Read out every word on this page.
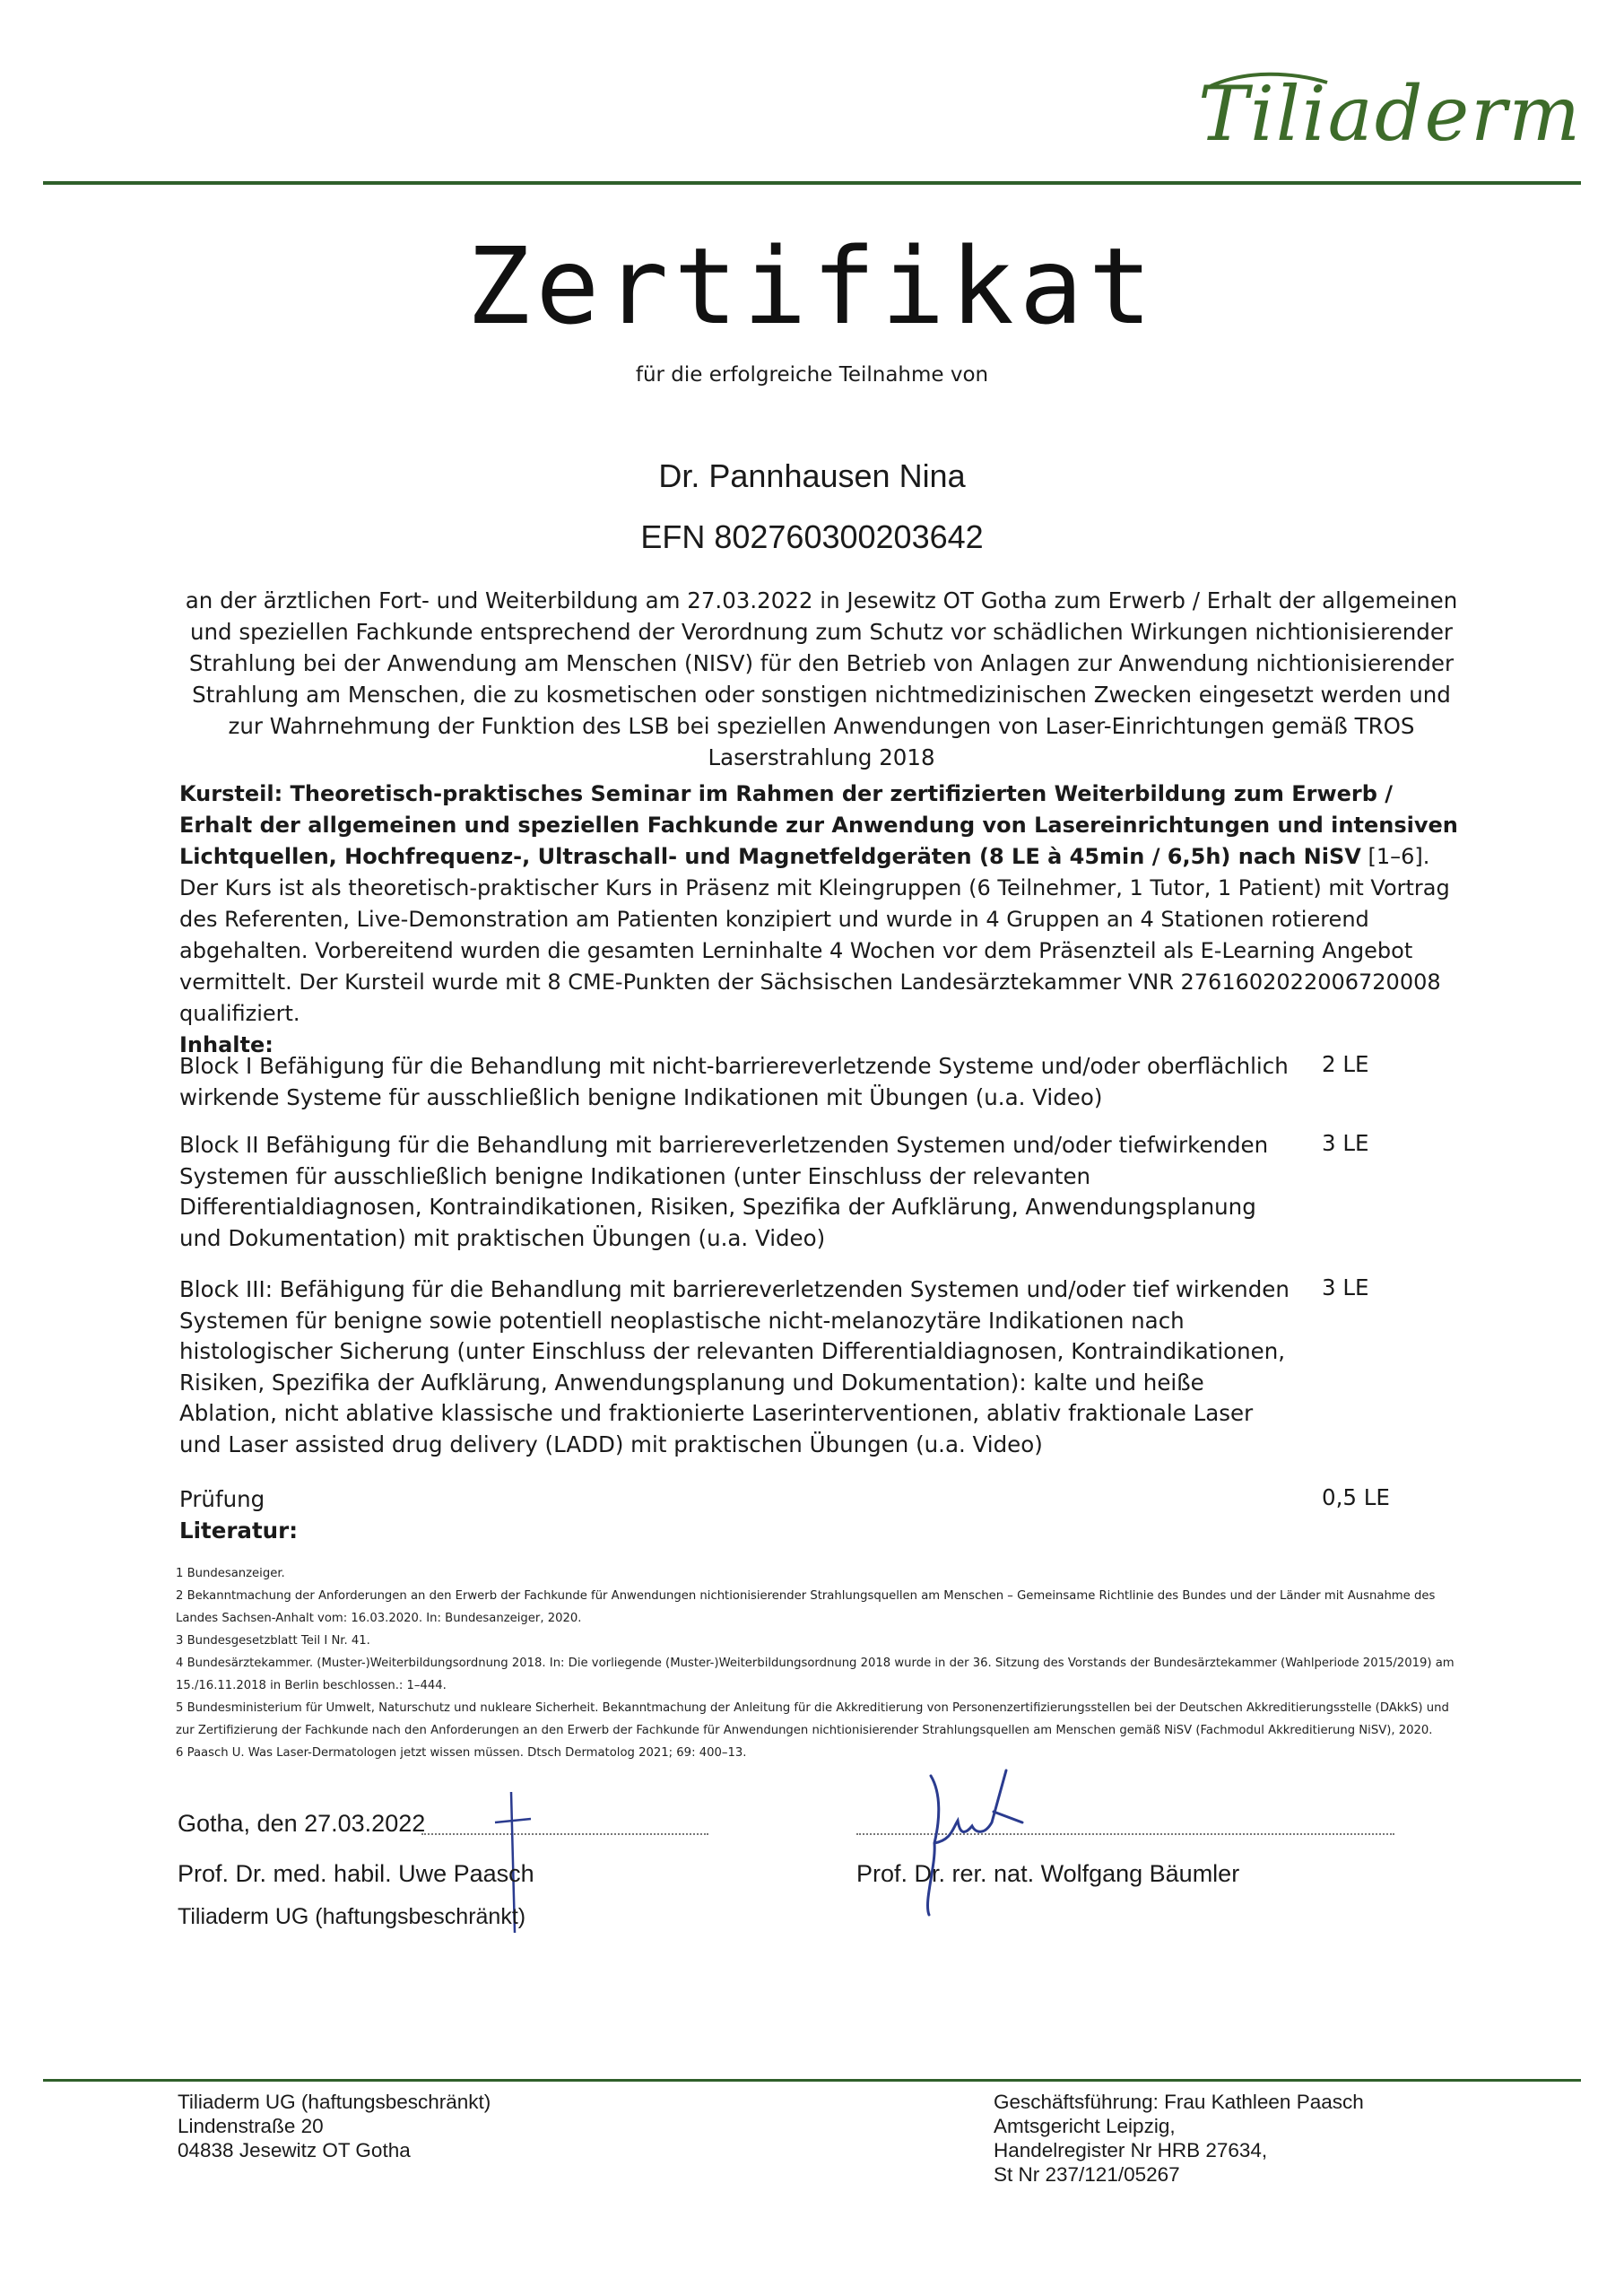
Tiliaderm
Zertifikat
für die erfolgreiche Teilnahme von
Dr. Pannhausen Nina
EFN 802760300203642
an der ärztlichen Fort- und Weiterbildung am 27.03.2022 in Jesewitz OT Gotha zum Erwerb / Erhalt der allgemeinen und speziellen Fachkunde entsprechend der Verordnung zum Schutz vor schädlichen Wirkungen nichtionisierender Strahlung bei der Anwendung am Menschen (NISV) für den Betrieb von Anlagen zur Anwendung nichtionisierender Strahlung am Menschen, die zu kosmetischen oder sonstigen nichtmedizinischen Zwecken eingesetzt werden und zur Wahrnehmung der Funktion des LSB bei speziellen Anwendungen von Laser-Einrichtungen gemäß TROS Laserstrahlung 2018
Kursteil: Theoretisch-praktisches Seminar im Rahmen der zertifizierten Weiterbildung zum Erwerb / Erhalt der allgemeinen und speziellen Fachkunde zur Anwendung von Lasereinrichtungen und intensiven Lichtquellen, Hochfrequenz-, Ultraschall- und Magnetfeldgeräten (8 LE à 45min / 6,5h) nach NiSV [1–6]. Der Kurs ist als theoretisch-praktischer Kurs in Präsenz mit Kleingruppen (6 Teilnehmer, 1 Tutor, 1 Patient) mit Vortrag des Referenten, Live-Demonstration am Patienten konzipiert und wurde in 4 Gruppen an 4 Stationen rotierend abgehalten. Vorbereitend wurden die gesamten Lerninhalte 4 Wochen vor dem Präsenzteil als E-Learning Angebot vermittelt. Der Kursteil wurde mit 8 CME-Punkten der Sächsischen Landesärztekammer VNR 2761602022006720008 qualifiziert.
Inhalte:
Block I Befähigung für die Behandlung mit nicht-barriereverletzende Systeme und/oder oberflächlich wirkende Systeme für ausschließlich benigne Indikationen mit Übungen (u.a. Video)
2 LE
Block II Befähigung für die Behandlung mit barriereverletzenden Systemen und/oder tiefwirkenden Systemen für ausschließlich benigne Indikationen (unter Einschluss der relevanten Differentialdiagnosen, Kontraindikationen, Risiken, Spezifika der Aufklärung, Anwendungsplanung und Dokumentation) mit praktischen Übungen (u.a. Video)
3 LE
Block III: Befähigung für die Behandlung mit barriereverletzenden Systemen und/oder tief wirkenden Systemen für benigne sowie potentiell neoplastische nicht-melanozytäre Indikationen nach histologischer Sicherung (unter Einschluss der relevanten Differentialdiagnosen, Kontraindikationen, Risiken, Spezifika der Aufklärung, Anwendungsplanung und Dokumentation): kalte und heiße Ablation, nicht ablative klassische und fraktionierte Laserinterventionen, ablativ fraktionale Laser und Laser assisted drug delivery (LADD) mit praktischen Übungen (u.a. Video)
3 LE
Prüfung	0,5 LE
Literatur:
1 Bundesanzeiger.
2 Bekanntmachung der Anforderungen an den Erwerb der Fachkunde für Anwendungen nichtionisierender Strahlungsquellen am Menschen – Gemeinsame Richtlinie des Bundes und der Länder mit Ausnahme des Landes Sachsen-Anhalt vom: 16.03.2020. In: Bundesanzeiger, 2020.
3 Bundesgesetzblatt Teil I Nr. 41.
4 Bundesärztekammer. (Muster-)Weiterbildungsordnung 2018. In: Die vorliegende (Muster-)Weiterbildungsordnung 2018 wurde in der 36. Sitzung des Vorstands der Bundesärztekammer (Wahlperiode 2015/2019) am 15./16.11.2018 in Berlin beschlossen.: 1–444.
5 Bundesministerium für Umwelt, Naturschutz und nukleare Sicherheit. Bekanntmachung der Anleitung für die Akkreditierung von Personenzertifizierungsstellen bei der Deutschen Akkreditierungsstelle (DAkkS) und zur Zertifizierung der Fachkunde nach den Anforderungen an den Erwerb der Fachkunde für Anwendungen nichtionisierender Strahlungsquellen am Menschen gemäß NiSV (Fachmodul Akkreditierung NiSV), 2020.
6 Paasch U. Was Laser-Dermatologen jetzt wissen müssen. Dtsch Dermatolog 2021; 69: 400–13.
Gotha, den 27.03.2022
Prof. Dr. med. habil. Uwe Paasch
Tiliaderm UG (haftungsbeschränkt)
Prof. Dr. rer. nat. Wolfgang Bäumler
Tiliaderm UG (haftungsbeschränkt)
Lindenstraße 20
04838 Jesewitz OT Gotha
Geschäftsführung: Frau Kathleen Paasch
Amtsgericht Leipzig,
Handelregister Nr HRB 27634,
St Nr 237/121/05267
